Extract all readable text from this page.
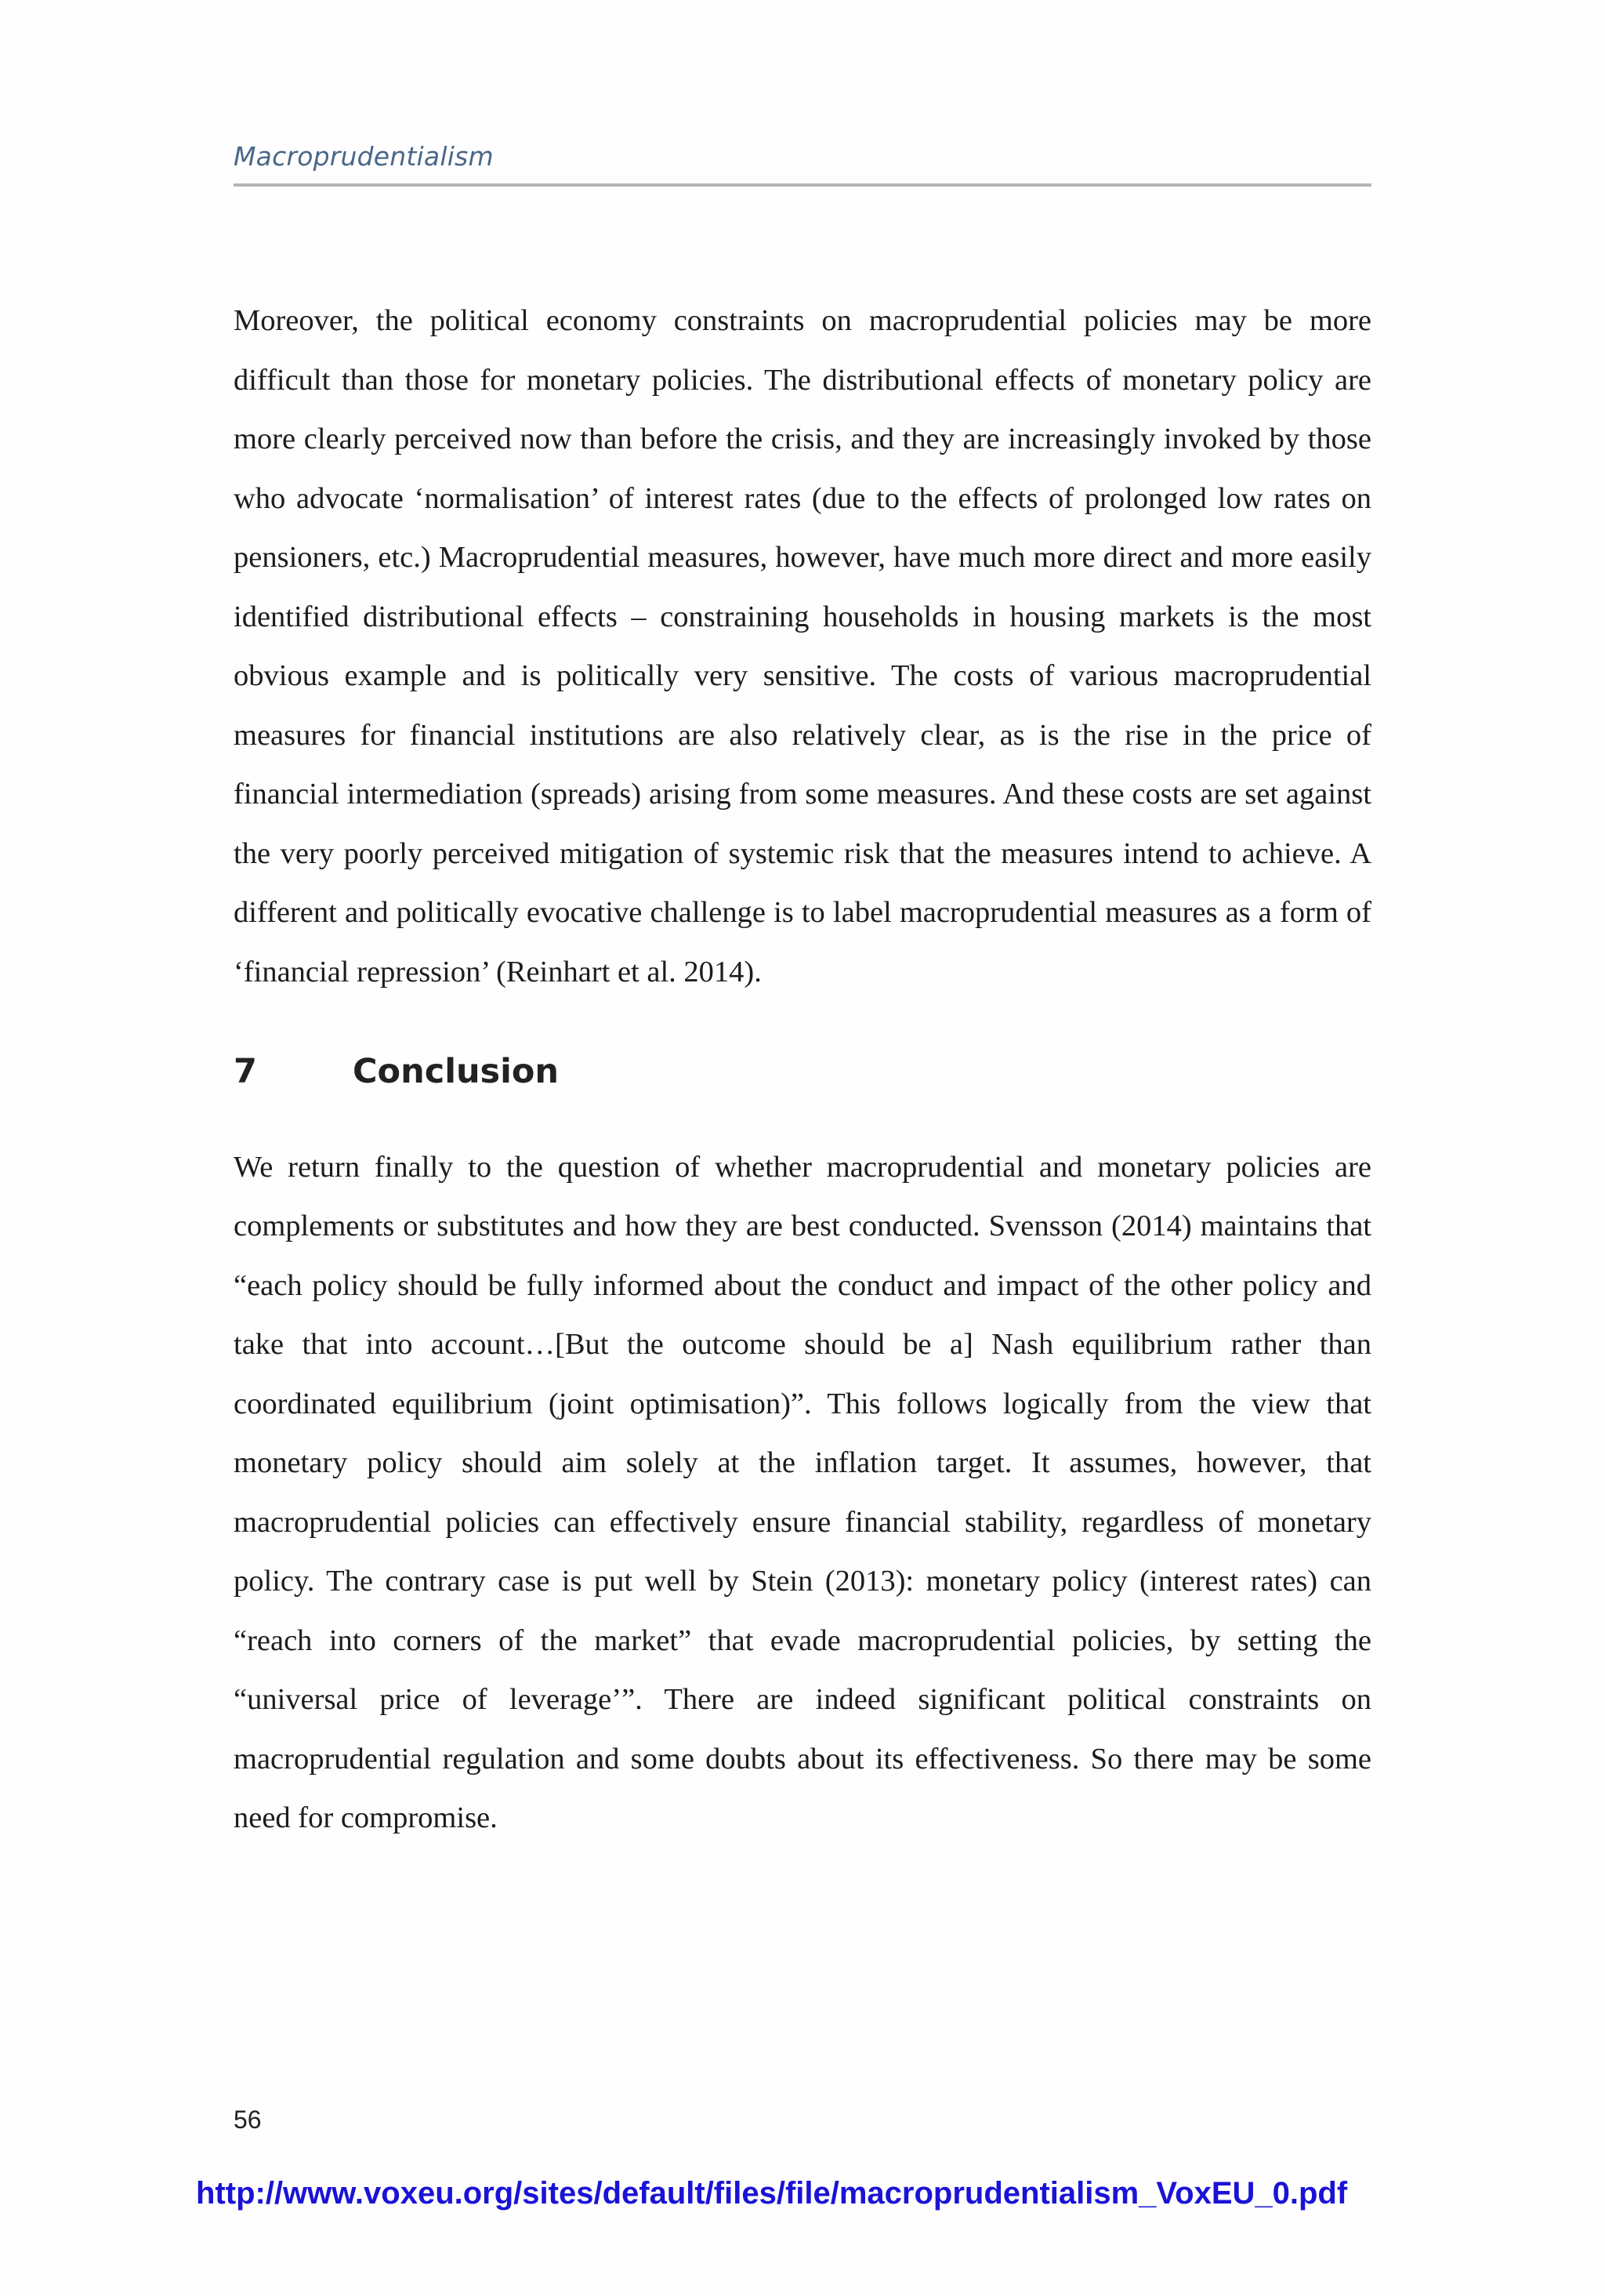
Macroprudentialism

Moreover, the political economy constraints on macroprudential policies may be more difficult than those for monetary policies. The distributional effects of monetary policy are more clearly perceived now than before the crisis, and they are increasingly invoked by those who advocate ‘normalisation’ of interest rates (due to the effects of prolonged low rates on pensioners, etc.) Macroprudential measures, however, have much more direct and more easily identified distributional effects – constraining households in housing markets is the most obvious example and is politically very sensitive. The costs of various macroprudential measures for financial institutions are also relatively clear, as is the rise in the price of financial intermediation (spreads) arising from some measures. And these costs are set against the very poorly perceived mitigation of systemic risk that the measures intend to achieve. A different and politically evocative challenge is to label macroprudential measures as a form of ‘financial repression’ (Reinhart et al. 2014).

7	Conclusion

We return finally to the question of whether macroprudential and monetary policies are complements or substitutes and how they are best conducted. Svensson (2014) maintains that “each policy should be fully informed about the conduct and impact of the other policy and take that into account…[But the outcome should be a] Nash equilibrium rather than coordinated equilibrium (joint optimisation)”. This follows logically from the view that monetary policy should aim solely at the inflation target. It assumes, however, that macroprudential policies can effectively ensure financial stability, regardless of monetary policy. The contrary case is put well by Stein (2013): monetary policy (interest rates) can “reach into corners of the market” that evade macroprudential policies, by setting the “universal price of leverage’”. There are indeed significant political constraints on macroprudential regulation and some doubts about its effectiveness. So there may be some need for compromise.

56
http://www.voxeu.org/sites/default/files/file/macroprudentialism_VoxEU_0.pdf
